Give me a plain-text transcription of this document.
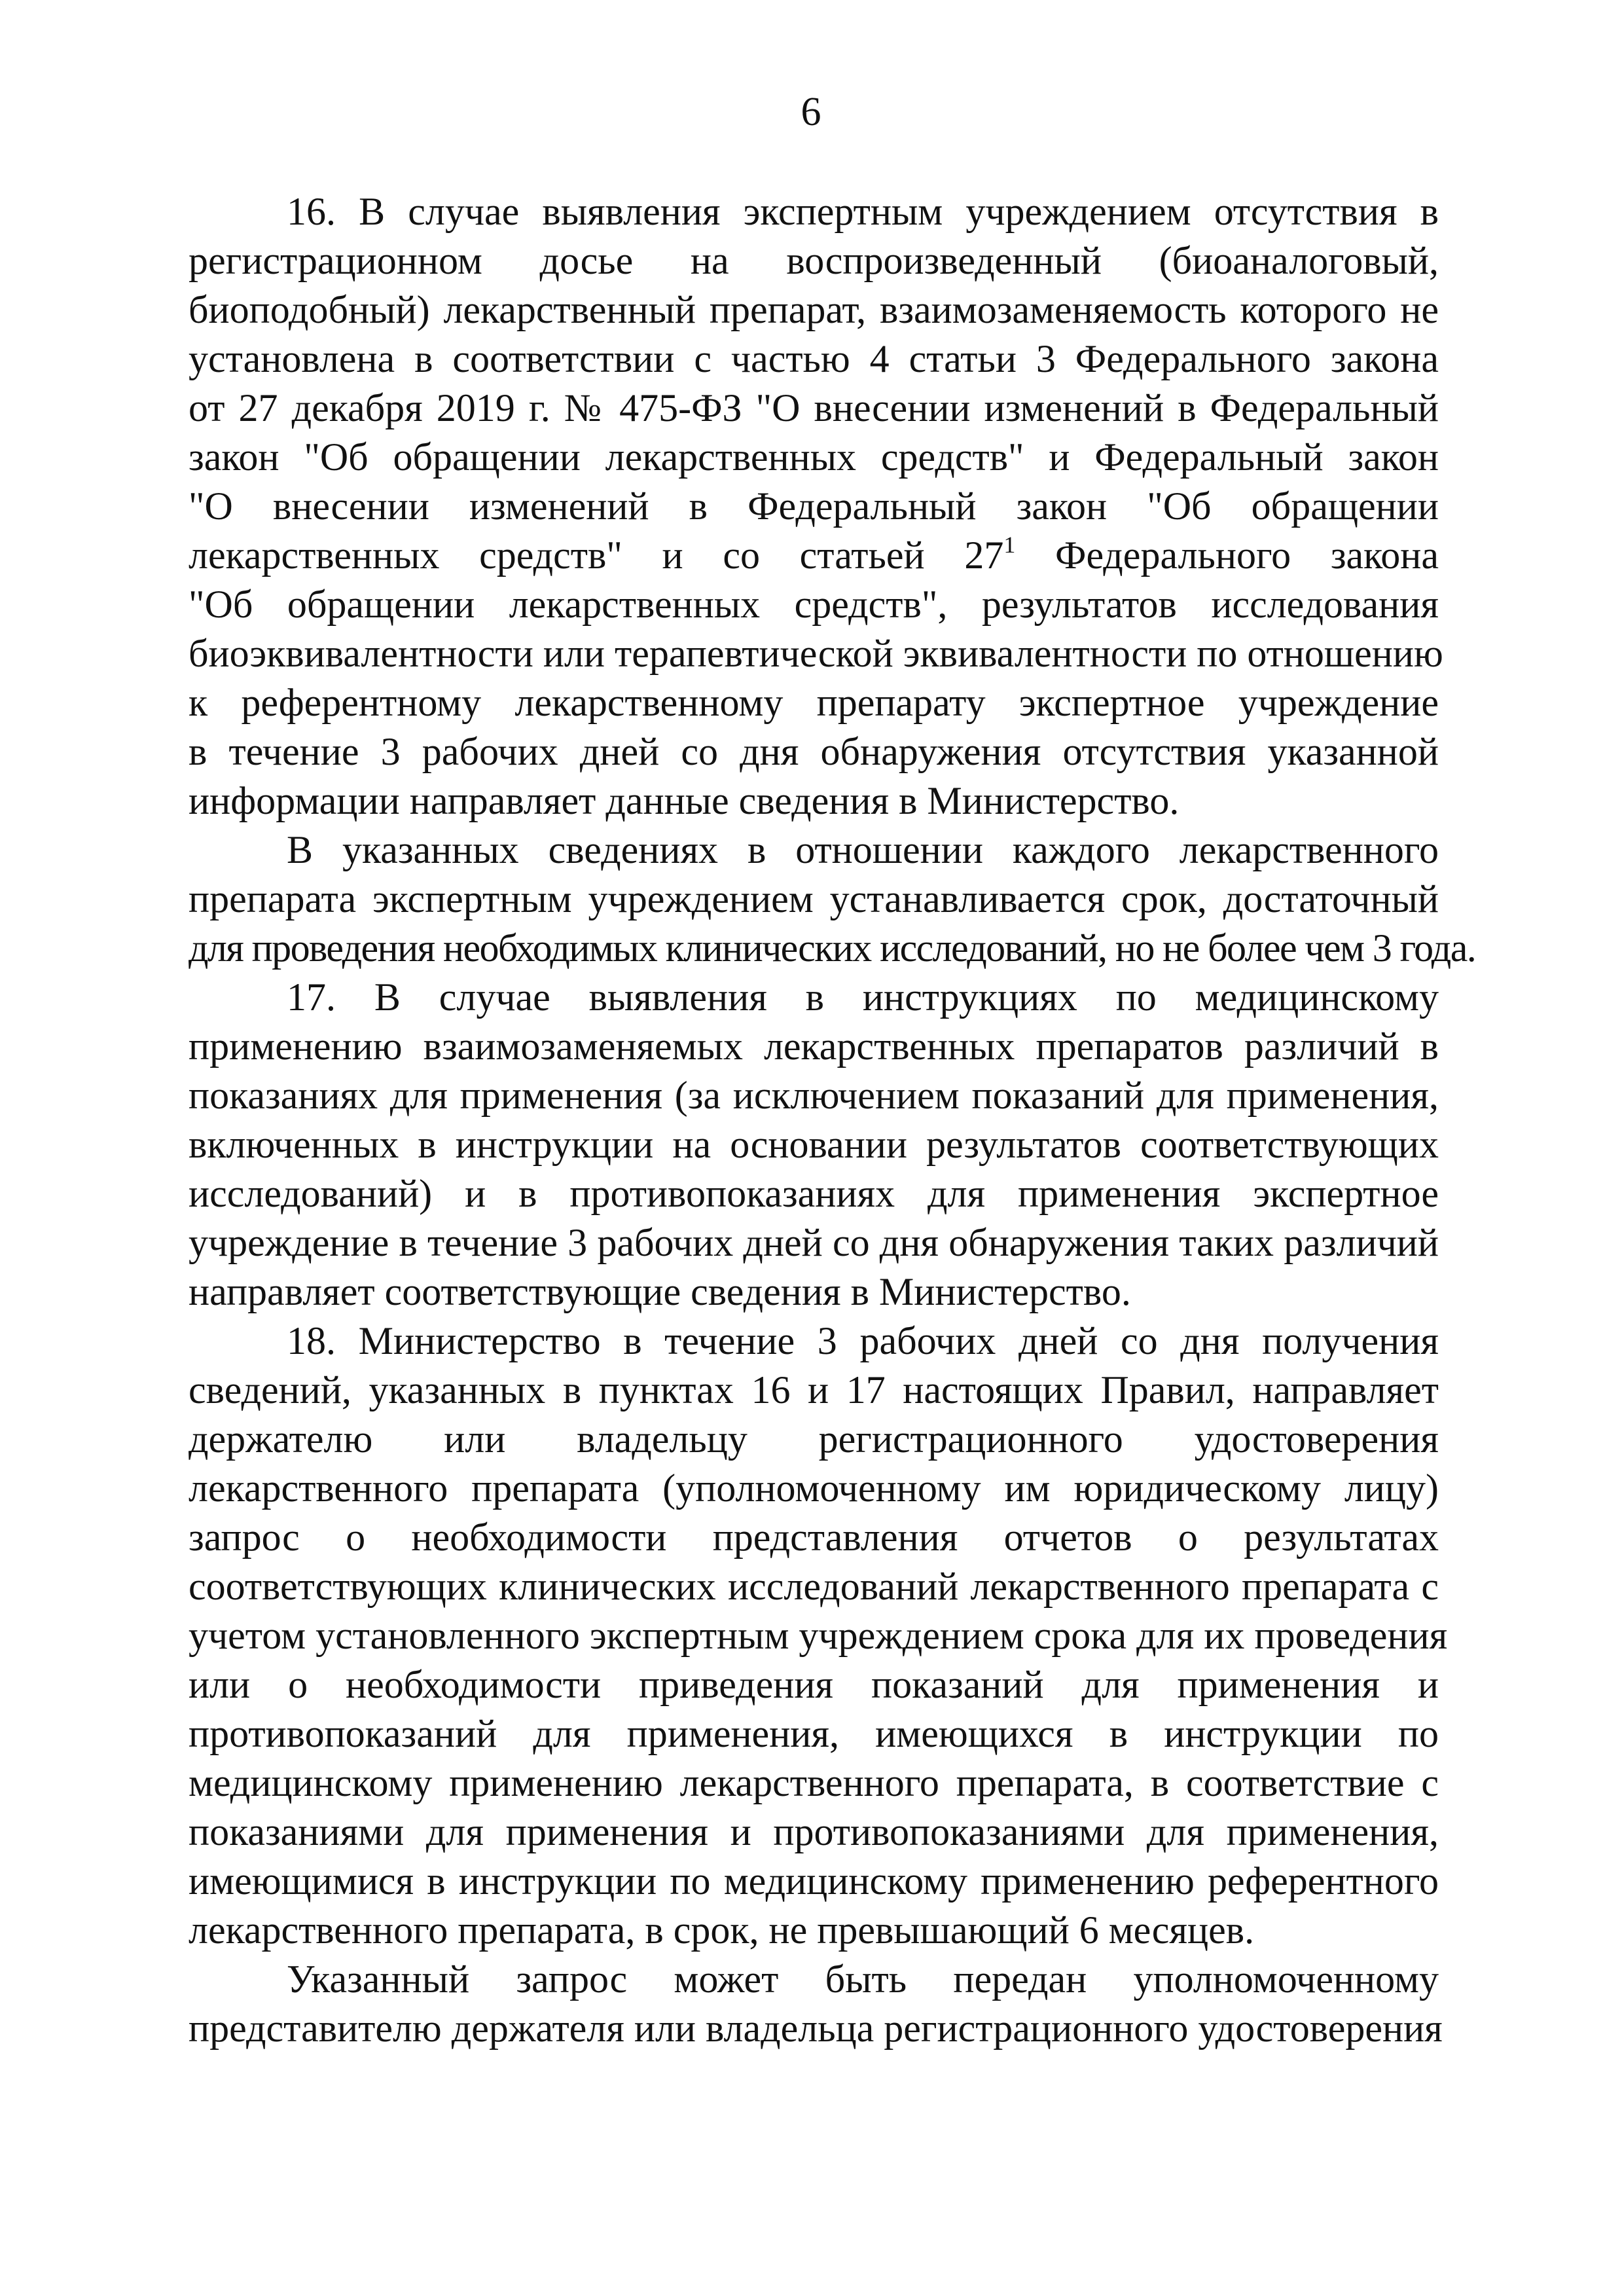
6

16. В случае выявления экспертным учреждением отсутствия в
регистрационном досье на воспроизведенный (биоаналоговый,
биоподобный) лекарственный препарат, взаимозаменяемость которого не
установлена в соответствии с частью 4 статьи 3 Федерального закона
от 27 декабря 2019 г. № 475-ФЗ "О внесении изменений в Федеральный
закон "Об обращении лекарственных средств" и Федеральный закон
"О внесении изменений в Федеральный закон "Об обращении
лекарственных средств" и со статьей $27^1$ Федерального закона
"Об обращении лекарственных средств", результатов исследования
биоэквивалентности или терапевтической эквивалентности по отношению
к референтному лекарственному препарату экспертное учреждение
в течение 3 рабочих дней со дня обнаружения отсутствия указанной
информации направляет данные сведения в Министерство.

В указанных сведениях в отношении каждого лекарственного
препарата экспертным учреждением устанавливается срок, достаточный
для проведения необходимых клинических исследований, но не более чем 3 года.

17. В случае выявления в инструкциях по медицинскому
применению взаимозаменяемых лекарственных препаратов различий в
показаниях для применения (за исключением показаний для применения,
включенных в инструкции на основании результатов соответствующих
исследований) и в противопоказаниях для применения экспертное
учреждение в течение 3 рабочих дней со дня обнаружения таких различий
направляет соответствующие сведения в Министерство.

18. Министерство в течение 3 рабочих дней со дня получения
сведений, указанных в пунктах 16 и 17 настоящих Правил, направляет
держателю или владельцу регистрационного удостоверения
лекарственного препарата (уполномоченному им юридическому лицу)
запрос о необходимости представления отчетов о результатах
соответствующих клинических исследований лекарственного препарата с
учетом установленного экспертным учреждением срока для их проведения
или о необходимости приведения показаний для применения и
противопоказаний для применения, имеющихся в инструкции по
медицинскому применению лекарственного препарата, в соответствие с
показаниями для применения и противопоказаниями для применения,
имеющимися в инструкции по медицинскому применению референтного
лекарственного препарата, в срок, не превышающий 6 месяцев.

Указанный запрос может быть передан уполномоченному
представителю держателя или владельца регистрационного удостоверения
